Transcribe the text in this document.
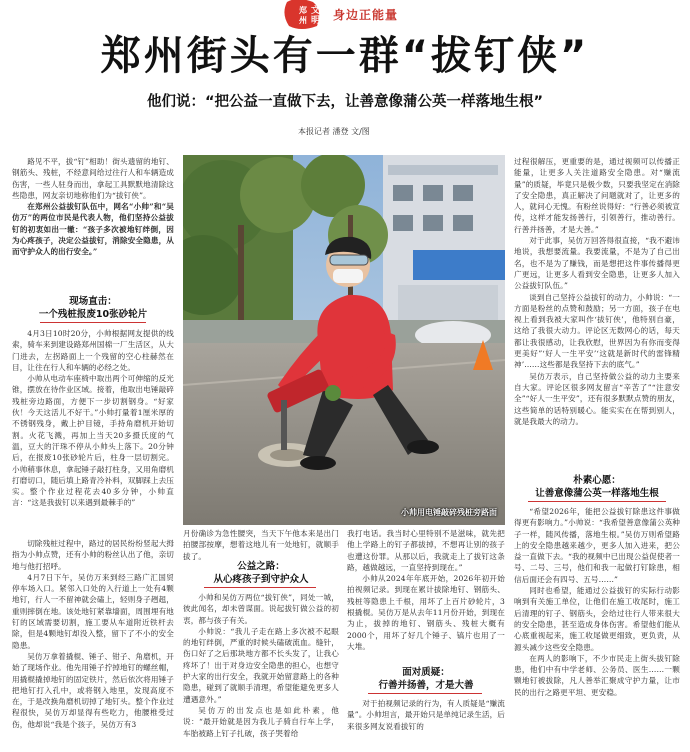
文
明
郑
州 身边正能量
郑州街头有一群“拔钉侠”
他们说：“把公益一直做下去，让善意像蒲公英一样落地生根”
本报记者 潘登 文/图
小帅用电锤敲碎残桩旁路面

路见不平，拔“钉”相助！街头遗留的地钉、钢筋头、残桩，不经意间给过往行人和车辆造成伤害，一些人驻身而出，拿起工具默默地清除这些隐患，网友亲切地称他们为“拔钉侠”。

在郑州公益拔钉队伍中，网名“小帅”和“吴仿万”的两位市民是代表人物，他们坚持公益拔钉的初衷如出一辙：“孩子多次被地钉绊倒，因为心疼孩子，决定公益拔钉，消除安全隐患，从而守护众人的出行安全。”

现场直击：
一个残桩报废10张砂轮片

4月3日10时20分，小帅根据网友提供的线索，骑车来到建设路郑州国棉一厂生活区，从大门进去，左拐路面上一个残留的空心柱赫然在目，让往在行人和车辆的必经之处。

小帅从电动车座椅中取出两个可伸缩的反光锥，摆放在待作业区域。接着，他取出电锤敲碎残桩旁边路面，方便下一步切割钢身。“好家伙！今天这活儿不好干。”小帅打量着1厘米厚的不锈钢残身，戴上护目镜，手持角磨机开始切割。火花飞溅，再加上当天20多摄氏度的气温，豆大的汗珠不停从小帅头上落下。20分钟后，在报废10张砂轮片后，柱身一层切割完。小帅稍事休息，拿起锤子敲打柱身，又用角磨机打磨切口，随后填上路青冷补料，双脚踩上去压实。整个作业过程花去40多分钟，小帅直言：“这是我拔钉以来遇到最棘手的”

切除残桩过程中，路过的居民纷纷竖起大拇指为小帅点赞，还有小帅的粉丝认出了他，亲切地与他打招呼。

4月7日下午，吴仿万来到经三路广汇国贸停车场入口。紧邻入口处的入行道上一处有4颗地钉，行人一不留神就会磕上，轻则身子趔趄，重则摔倒在地。该处地钉紧靠墙面，周围埋有地钉的区域需要切割，施工要从车道附近铁杆去除，但是4颗地钉却没入整，留下了不小的安全隐患。

吴仿万拿着撬棍、锤子、钳子、角磨机，开始了现场作业。他先用锤子拧掉地钉的螺丝帽，用撬棍撬掉地钉的固定铁片，然后依次将用锤子把地钉打入孔中，或将钢入地里，发现高度不在，于是改换角磨机切掉了地钉头。整个作业过程很快，吴仿万却显得有些吃力，他腰椎受过伤，他却说“我是个孩子，吴仿万有3

月份确诊为急性腰突，当天下午他本来是出门拍腰部按摩，想着这地儿有一处地钉，就顺手拔了。

公益之路：
从心疼孩子到守护众人

小帅和吴仿万两位“拔钉侠”，同处一城，彼此闻名，却未曾谋面。说起拔钉做公益的初衷，都与孩子有关。

小帅说：“我儿子走在路上多次被不起眼的地钉绊倒，严重的时候头磕破流血。缝针，伤口好了之后那块地方都不长头发了，让我心疼坏了！出于对身边安全隐患的担心，也想守护大家的出行安全，我就开始留意路上的各种隐患，碰到了就顺手清理，希望能避免更多人遭遇意外。”

吴仿万的出发点也是如此朴素，他说：“最开始就是因为我儿子骑自行车上学，车胎被路上钉子扎破，孩子哭着给

我打电话。我当时心里特别不是滋味，就先把他上学路上的钉子都拔掉，不想再让别的孩子也遭这份罪。从那以后，我就走上了拔钉这条路，越做越远，一直坚持到现在。”

小帅从2024年年底开始，2026年初开始拍视频记录。到现在累计拔除地钉、钢筋头、残桩等隐患上千根，用坏了上百片砂轮片，3根撬棍。吴仿万是从去年11月份开始，到现在为止，拔掉的地钉、钢筋头、残桩大概有2000个，用坏了好几个锤子、镐片也用了一大堆。

面对质疑：
行善并扬善，才是大善

对于拍视频记录的行为，有人质疑是“赚流量”。小帅坦言，最开始只是单纯记录生活，后来很多网友说看拔钉的

过程很解压，更重要的是，通过视频可以传播正能量，让更多人关注道路安全隐患。对“赚流量”的质疑，毕竟只是极少数，只要我坚定在消除了安全隐患，真正解决了问题就对了，让更多的人，就问心无愧。有粉丝说得好：“行善必须被宣传，这样才能发扬善行，引领善行，推动善行。行善并扬善，才是大善。”

对于此事，吴仿万回答得很直接，“我不避讳地说，我想要流量。我要流量，不是为了自己出名，也不是为了赚钱，而是想把这件事传播得更广更远，让更多人看到安全隐患，让更多人加入公益拔钉队伍。”

谈到自己坚持公益拔钉的动力，小帅说：“一方面是粉丝的点赞和鼓励；另一方面，孩子在电视上看到我被大家叫作‘拔钉侠’，他特别自豪，这给了我很大动力。评论区无数网心的话，每天都让我很感动，让我欣慰，世界因为有你而变得更美好”‘好人一生平安’‘这就是新时代的雷锋精神’……这些都是我坚持下去的底气。”

吴仿万表示，自己坚持做公益的动力主要来自大家。评论区很多网友留言“辛苦了”“注意安全”“好人一生平安”，还有很多默默点赞的朋友，这些简单的话特别暖心。能实实在在帮到别人，就是我最大的动力。

朴素心愿：
让善意像蒲公英一样落地生根

“希望2026年，能把公益拔钉除患这件事做得更有影响力。”小帅说：“我希望善意像蒲公英种子一样，随风传播，落地生根。”吴仿万则希望路上的安全隐患越来越少，更多人加入进来，把公益一直做下去。“我的视频中已出现公益促使者一号、二号、三号，他们和我一起做打钉除患，相信后面还会有四号、五号……”

同时也希望，能通过公益拔钉的实际行动影响到有关施工单位，让他们在施工收尾时，施工后清理的钉子、钢筋头，会给过往行人带来很大的安全隐患，甚至造成身体伤害。希望他们能从心底重视起来，施工收尾做更细致，更负责，从源头减少这些安全隐患。

在两人的影响下，不少市民走上街头拔钉除患，他们中有中学老师、公务员、医生……一颗颗地钉被拔除，凡人善举汇聚成守护力量，让市民的出行之路更平坦、更安稳。
